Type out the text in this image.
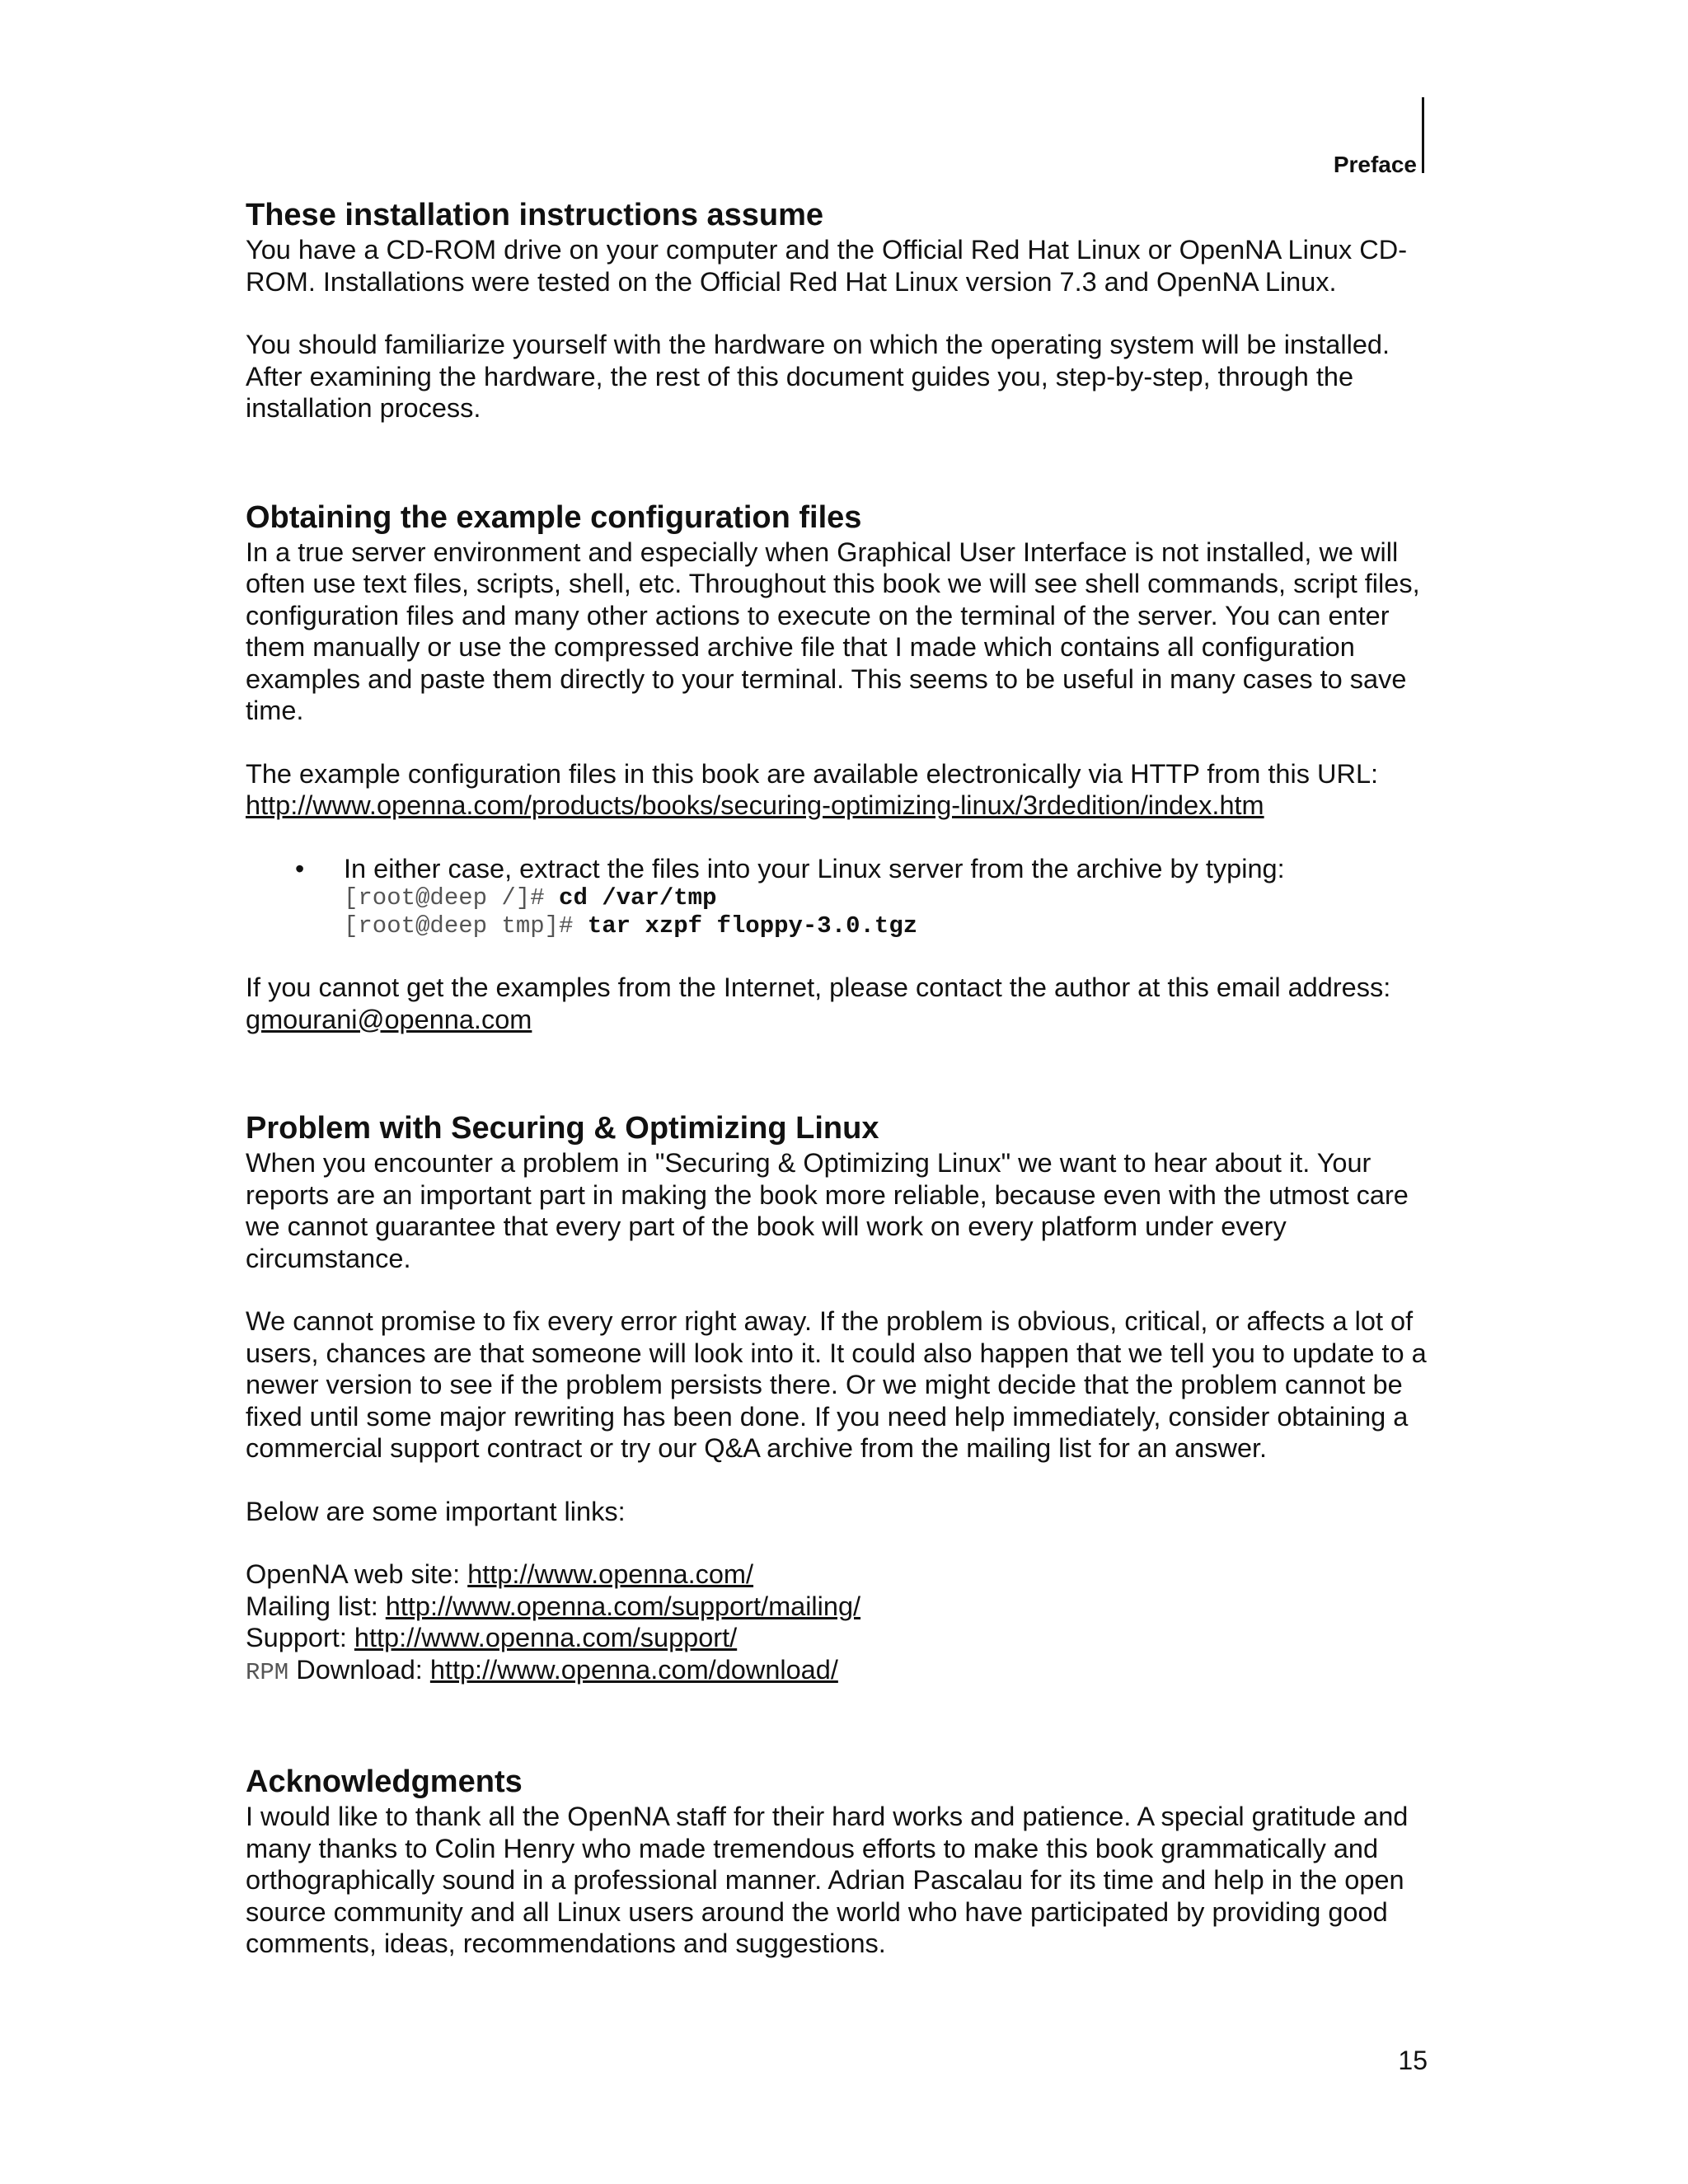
Preface
These installation instructions assume

You have a CD-ROM drive on your computer and the Official Red Hat Linux or OpenNA Linux CD-ROM. Installations were tested on the Official Red Hat Linux version 7.3 and OpenNA Linux.

You should familiarize yourself with the hardware on which the operating system will be installed. After examining the hardware, the rest of this document guides you, step-by-step, through the installation process.

Obtaining the example configuration files

In a true server environment and especially when Graphical User Interface is not installed, we will often use text files, scripts, shell, etc. Throughout this book we will see shell commands, script files, configuration files and many other actions to execute on the terminal of the server. You can enter them manually or use the compressed archive file that I made which contains all configuration examples and paste them directly to your terminal. This seems to be useful in many cases to save time.

The example configuration files in this book are available electronically via HTTP from this URL:

http://www.openna.com/products/books/securing-optimizing-linux/3rdedition/index.htm

• In either case, extract the files into your Linux server from the archive by typing:

[root@deep /]# cd /var/tmp
[root@deep tmp]# tar xzpf floppy-3.0.tgz

If you cannot get the examples from the Internet, please contact the author at this email address:

gmourani@openna.com

Problem with Securing & Optimizing Linux

When you encounter a problem in "Securing & Optimizing Linux" we want to hear about it. Your reports are an important part in making the book more reliable, because even with the utmost care we cannot guarantee that every part of the book will work on every platform under every circumstance.

We cannot promise to fix every error right away. If the problem is obvious, critical, or affects a lot of users, chances are that someone will look into it. It could also happen that we tell you to update to a newer version to see if the problem persists there. Or we might decide that the problem cannot be fixed until some major rewriting has been done. If you need help immediately, consider obtaining a commercial support contract or try our Q&A archive from the mailing list for an answer.

Below are some important links:

OpenNA web site: http://www.openna.com/

Mailing list: http://www.openna.com/support/mailing/

Support: http://www.openna.com/support/

RPM Download: http://www.openna.com/download/

Acknowledgments

I would like to thank all the OpenNA staff for their hard works and patience. A special gratitude and many thanks to Colin Henry who made tremendous efforts to make this book grammatically and orthographically sound in a professional manner. Adrian Pascalau for its time and help in the open source community and all Linux users around the world who have participated by providing good comments, ideas, recommendations and suggestions.

15
